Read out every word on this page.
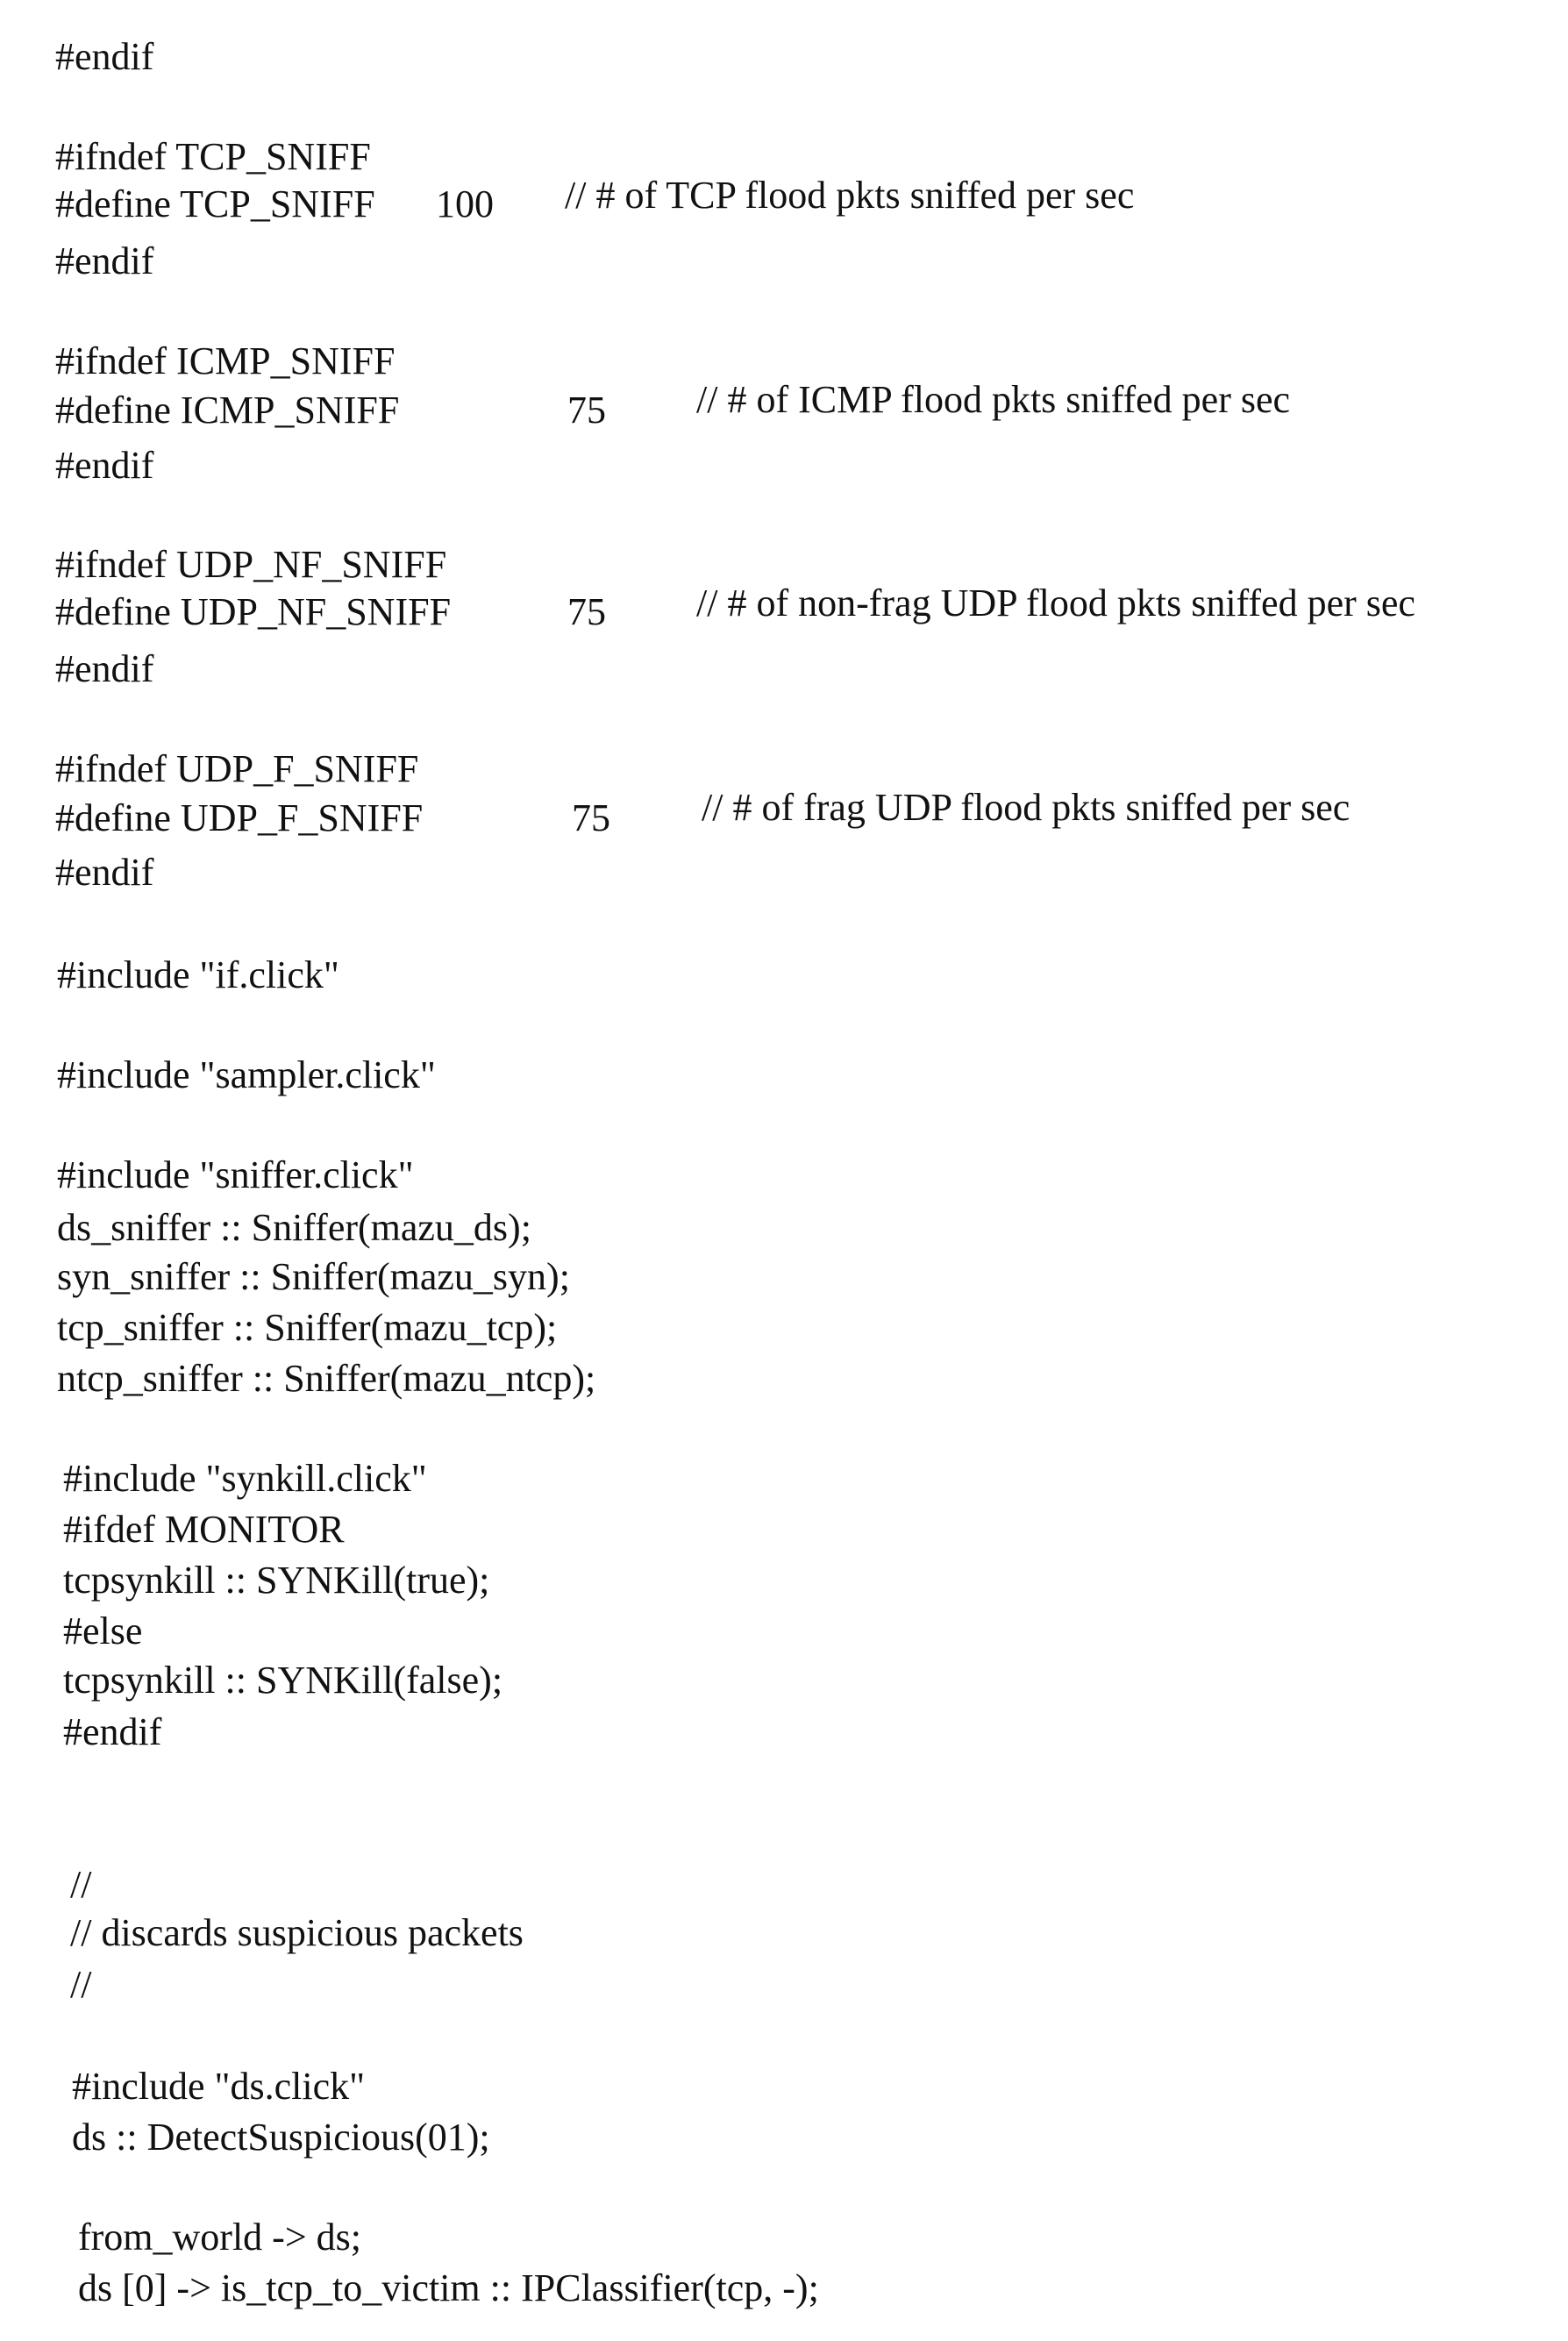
#endif
#ifndef TCP_SNIFF
#define TCP_SNIFF 100 // # of TCP flood pkts sniffed per sec
#endif
#ifndef ICMP_SNIFF
#define ICMP_SNIFF	75 // # of ICMP flood pkts sniffed per sec
#endif
#ifndef UDP_NF_SNIFF
#define UDP_NF_SNIFF	75 // # of non-frag UDP flood pkts sniffed per sec
#endif
#ifndef UDP_F_SNIFF
#define UDP_F_SNIFF	75 // # of frag UDP flood pkts sniffed per sec
#endif
#include "if.click"
#include "sampler.click"
#include "sniffer.click"
ds_sniffer :: Sniffer(mazu_ds);
syn_sniffer :: Sniffer(mazu_syn);
tcp_sniffer :: Sniffer(mazu_tcp);
ntcp_sniffer :: Sniffer(mazu_ntcp);
#include "synkill.click"
#ifdef MONITOR
tcpsynkill :: SYNKill(true);
#else
tcpsynkill :: SYNKill(false);
#endif
//
// discards suspicious packets
//
#include "ds.click"
ds :: DetectSuspicious(01);
from_world -> ds;
ds [0] -> is_tcp_to_victim :: IPClassifier(tcp, -);
